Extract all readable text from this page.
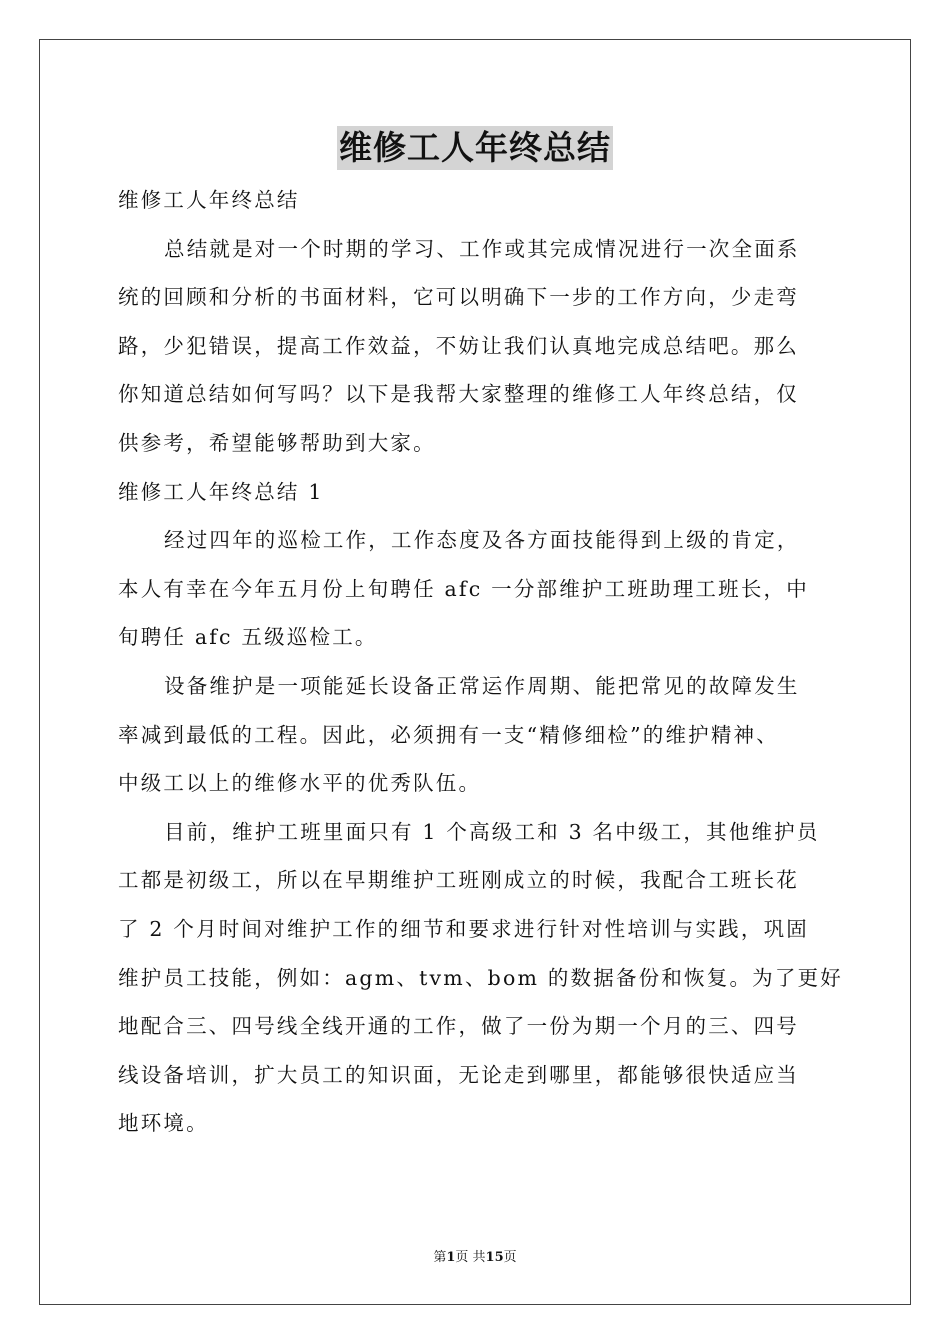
维修工人年终总结
维修工人年终总结
总结就是对一个时期的学习、工作或其完成情况进行一次全面系
统的回顾和分析的书面材料，它可以明确下一步的工作方向，少走弯
路，少犯错误，提高工作效益，不妨让我们认真地完成总结吧。那么
你知道总结如何写吗？以下是我帮大家整理的维修工人年终总结，仅
供参考，希望能够帮助到大家。
维修工人年终总结 1
经过四年的巡检工作，工作态度及各方面技能得到上级的肯定，
本人有幸在今年五月份上旬聘任 afc 一分部维护工班助理工班长，中
旬聘任 afc 五级巡检工。
设备维护是一项能延长设备正常运作周期、能把常见的故障发生
率减到最低的工程。因此，必须拥有一支“精修细检”的维护精神、
中级工以上的维修水平的优秀队伍。
目前，维护工班里面只有 1 个高级工和 3 名中级工，其他维护员
工都是初级工，所以在早期维护工班刚成立的时候，我配合工班长花
了 2 个月时间对维护工作的细节和要求进行针对性培训与实践，巩固
维护员工技能，例如：agm、tvm、bom 的数据备份和恢复。为了更好
地配合三、四号线全线开通的工作，做了一份为期一个月的三、四号
线设备培训，扩大员工的知识面，无论走到哪里，都能够很快适应当
地环境。
第1页 共15页
